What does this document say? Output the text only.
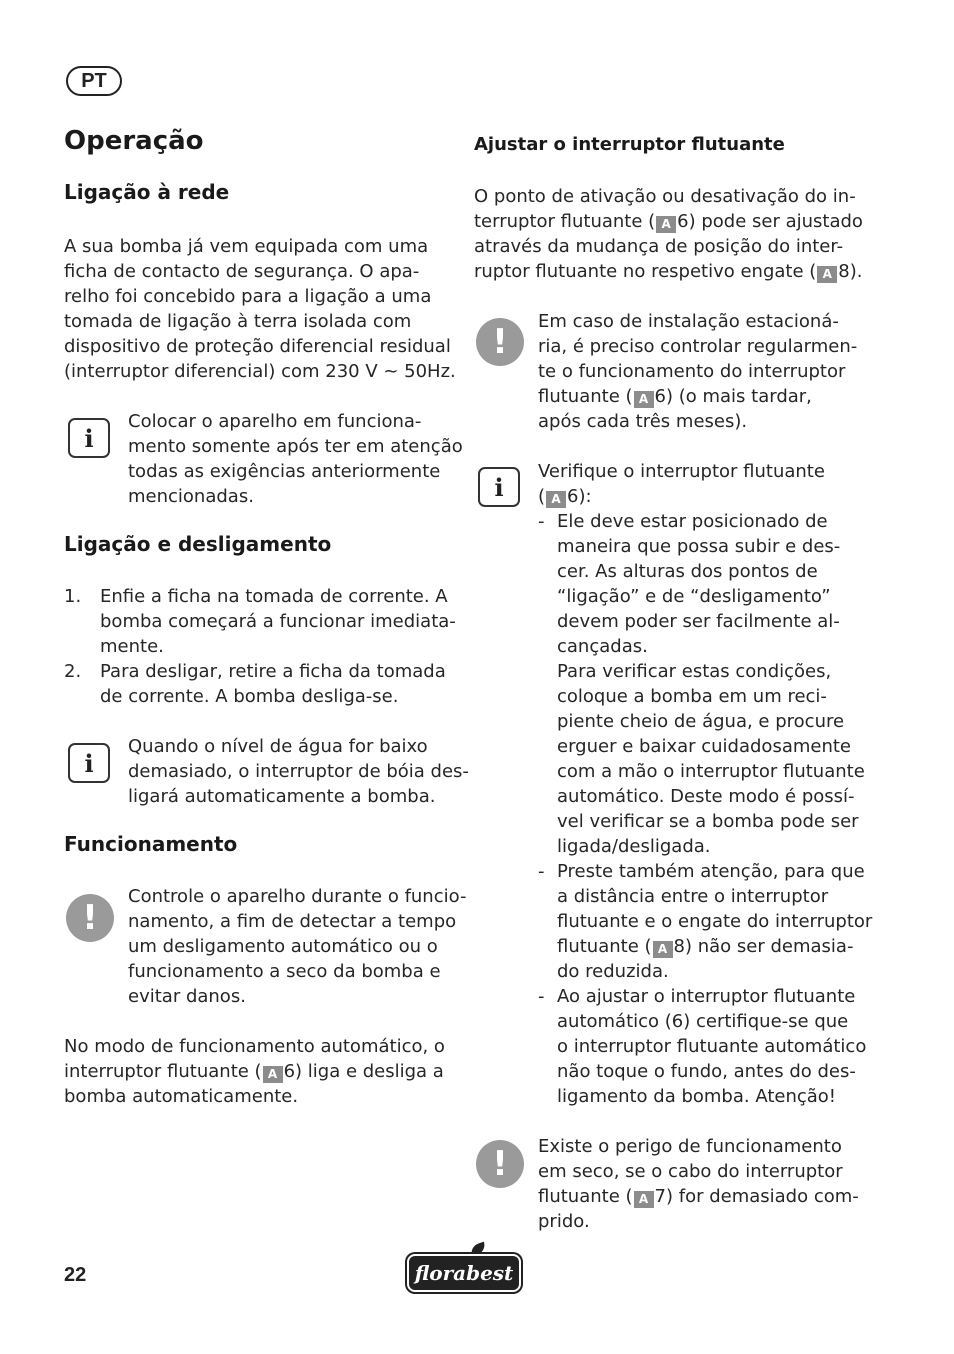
PT
Operação
Ligação à rede
A sua bomba já vem equipada com uma
ficha de contacto de segurança. O apa-
relho foi concebido para a ligação a uma
tomada de ligação à terra isolada com
dispositivo de proteção diferencial residual
(interruptor diferencial) com 230 V ~ 50Hz.
i
Colocar o aparelho em funciona-
mento somente após ter em atenção
todas as exigências anteriormente
mencionadas.
Ligação e desligamento
1. Enfie a ficha na tomada de corrente. A
bomba começará a funcionar imediata-
mente.
2. Para desligar, retire a ficha da tomada
de corrente. A bomba desliga-se.
i
Quando o nível de água for baixo
demasiado, o interruptor de bóia des-
ligará automaticamente a bomba.
Funcionamento
!
Controle o aparelho durante o funcio-
namento, a fim de detectar a tempo
um desligamento automático ou o
funcionamento a seco da bomba e
evitar danos.
No modo de funcionamento automático, o
interruptor flutuante ( A 6) liga e desliga a
bomba automaticamente.
Ajustar o interruptor flutuante
O ponto de ativação ou desativação do in-
terruptor flutuante ( A 6) pode ser ajustado
através da mudança de posição do inter-
ruptor flutuante no respetivo engate ( A 8).
!
Em caso de instalação estacioná-
ria, é preciso controlar regularmen-
te o funcionamento do interruptor
flutuante ( A 6) (o mais tardar,
após cada três meses).
i
Verifique o interruptor flutuante
( A 6):
- Ele deve estar posicionado de
maneira que possa subir e des-
cer. As alturas dos pontos de
“ligação” e de “desligamento”
devem poder ser facilmente al-
cançadas.
Para verificar estas condições,
coloque a bomba em um reci-
piente cheio de água, e procure
erguer e baixar cuidadosamente
com a mão o interruptor flutuante
automático. Deste modo é possí-
vel verificar se a bomba pode ser
ligada/desligada.
- Preste também atenção, para que
a distância entre o interruptor
flutuante e o engate do interruptor
flutuante ( A 8) não ser demasia-
do reduzida.
- Ao ajustar o interruptor flutuante
automático (6) certifique-se que
o interruptor flutuante automático
não toque o fundo, antes do des-
ligamento da bomba. Atenção!
!	Existe o perigo de funcionamento
em seco, se o cabo do interruptor
flutuante ( A 7) for demasiado com-
prido.
22	florabest
